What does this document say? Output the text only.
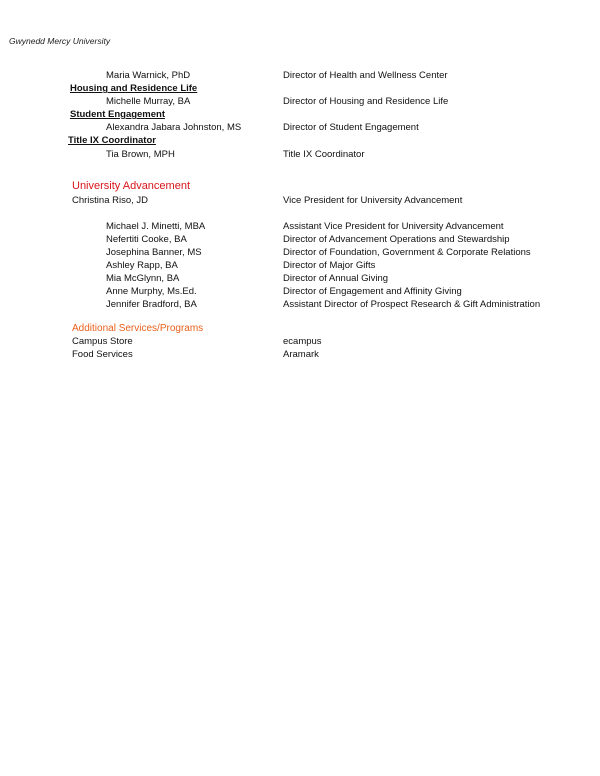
Gwynedd Mercy University
Maria Warnick, PhD	Director of Health and Wellness Center
Housing and Residence Life
Michelle Murray, BA	Director of Housing and Residence Life
Student Engagement
Alexandra Jabara Johnston, MS	Director of Student Engagement
Title IX Coordinator
Tia Brown, MPH	Title IX Coordinator
University Advancement
Christina Riso, JD	Vice President for University Advancement
Michael J. Minetti, MBA	Assistant Vice President for University Advancement
Nefertiti Cooke, BA	Director of Advancement Operations and Stewardship
Josephina Banner, MS	Director of Foundation, Government & Corporate Relations
Ashley Rapp, BA	Director of Major Gifts
Mia McGlynn, BA	Director of Annual Giving
Anne Murphy, Ms.Ed.	Director of Engagement and Affinity Giving
Jennifer Bradford, BA	Assistant Director of Prospect Research & Gift Administration
Additional Services/Programs
Campus Store	ecampus
Food Services	Aramark
